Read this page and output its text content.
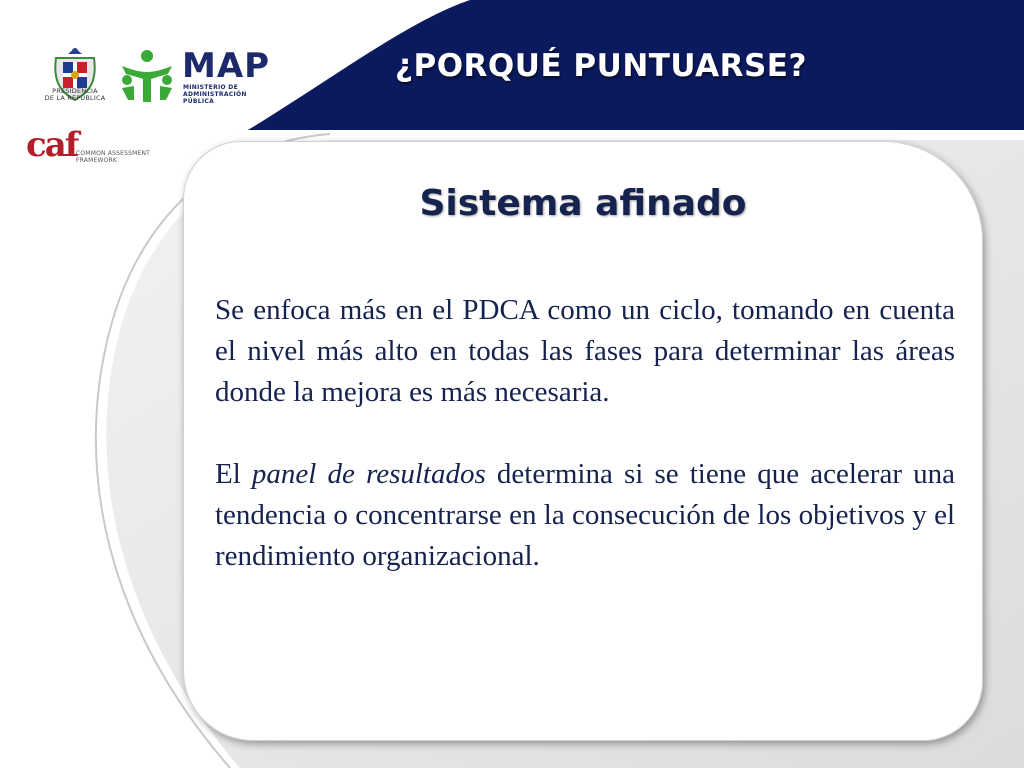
¿PORQUÉ PUNTUARSE?
PRESIDENCIA
DE LA REPÚBLICA
MAP
MINISTERIO DE
ADMINISTRACIÓN
PÚBLICA
caf
COMMON ASSESSMENT
FRAMEWORK
Sistema afinado

Se enfoca más en el PDCA como un ciclo, tomando en cuenta el nivel más alto en todas las fases para determinar las áreas donde la mejora es más necesaria.

El panel de resultados determina si se tiene que acelerar una tendencia o concentrarse en la consecución de los objetivos y el rendimiento organizacional.
